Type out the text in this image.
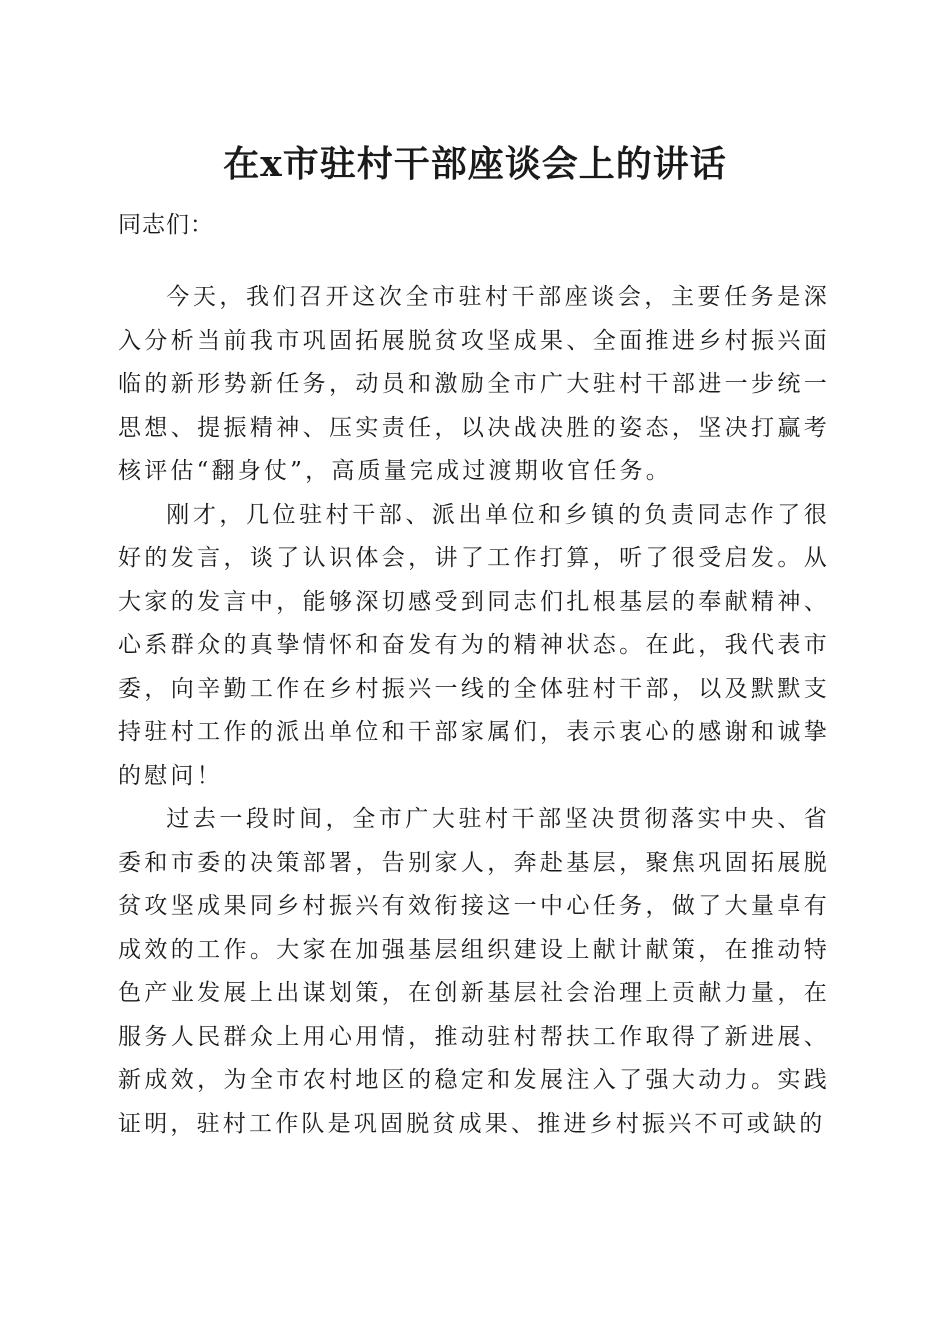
在x市驻村干部座谈会上的讲话
同志们：

今天，我们召开这次全市驻村干部座谈会，主要任务是深入分析当前我市巩固拓展脱贫攻坚成果、全面推进乡村振兴面临的新形势新任务，动员和激励全市广大驻村干部进一步统一思想、提振精神、压实责任，以决战决胜的姿态，坚决打赢考核评估“翻身仗”，高质量完成过渡期收官任务。

刚才，几位驻村干部、派出单位和乡镇的负责同志作了很好的发言，谈了认识体会，讲了工作打算，听了很受启发。从大家的发言中，能够深切感受到同志们扎根基层的奉献精神、心系群众的真挚情怀和奋发有为的精神状态。在此，我代表市委，向辛勤工作在乡村振兴一线的全体驻村干部，以及默默支持驻村工作的派出单位和干部家属们，表示衷心的感谢和诚挚的慰问！

过去一段时间，全市广大驻村干部坚决贯彻落实中央、省委和市委的决策部署，告别家人，奔赴基层，聚焦巩固拓展脱贫攻坚成果同乡村振兴有效衔接这一中心任务，做了大量卓有成效的工作。大家在加强基层组织建设上献计献策，在推动特色产业发展上出谋划策，在创新基层社会治理上贡献力量，在服务人民群众上用心用情，推动驻村帮扶工作取得了新进展、新成效，为全市农村地区的稳定和发展注入了强大动力。实践证明，驻村工作队是巩固脱贫成果、推进乡村振兴不可或缺的
